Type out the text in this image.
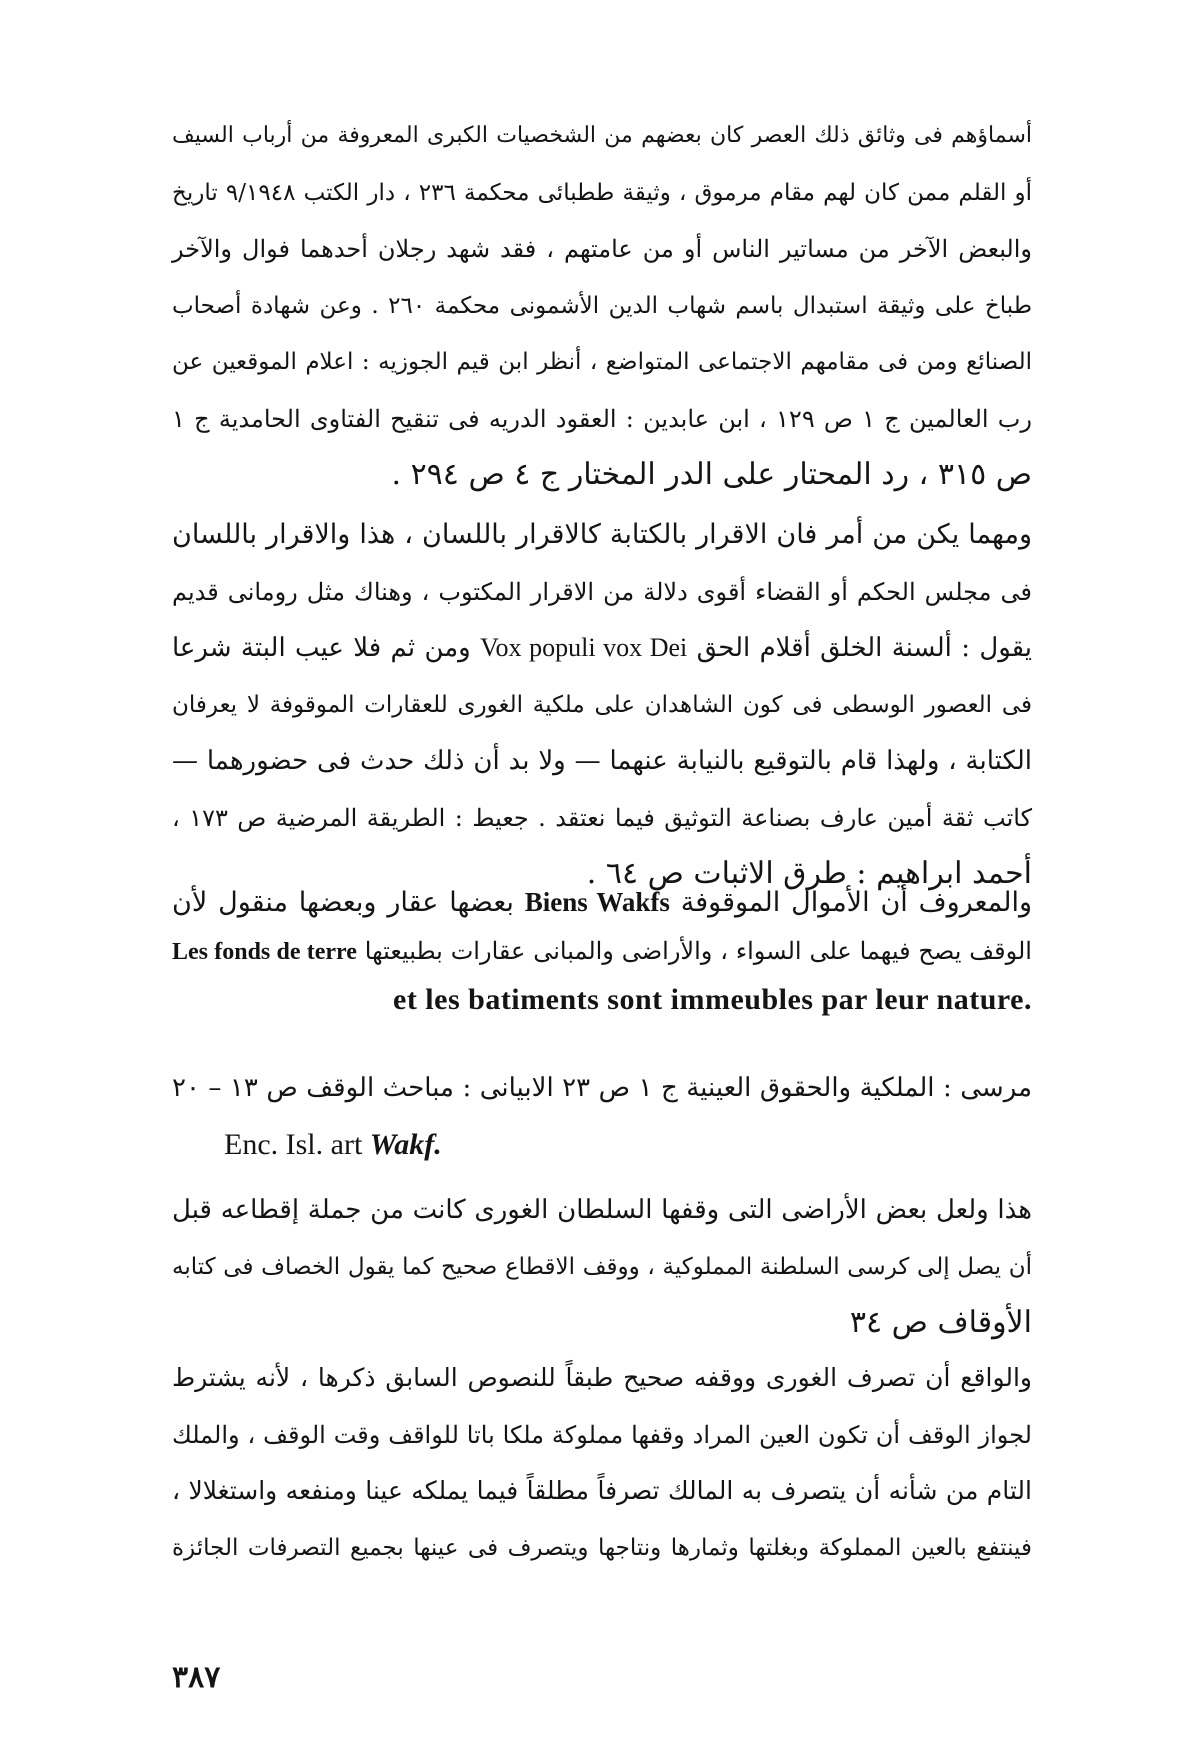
أسماؤهم فى وثائق ذلك العصر كان بعضهم من الشخصيات الكبرى المعروفة من أرباب السيف
أو القلم ممن كان لهم مقام مرموق ، وثيقة ططبائى محكمة ٢٣٦ ، دار الكتب ٩/١٩٤٨ تاريخ
والبعض الآخر من مساتير الناس أو من عامتهم ، فقد شهد رجلان أحدهما فوال والآخر
طباخ على وثيقة استبدال باسم شهاب الدين الأشمونى محكمة ٢٦٠ . وعن شهادة أصحاب
الصنائع ومن فى مقامهم الاجتماعى المتواضع ، أنظر ابن قيم الجوزيه : اعلام الموقعين عن
رب العالمين ج ١ ص ١٢٩ ، ابن عابدين : العقود الدريه فى تنقيح الفتاوى الحامدية ج ١
ص ٣١٥ ، رد المحتار على الدر المختار ج ٤ ص ٢٩٤ .
ومهما يكن من أمر فان الاقرار بالكتابة كالاقرار باللسان ، هذا والاقرار باللسان
فى مجلس الحكم أو القضاء أقوى دلالة من الاقرار المكتوب ، وهناك مثل رومانى قديم
يقول : ألسنة الخلق أقلام الحق Vox populi vox Dei ومن ثم فلا عيب البتة شرعا
فى العصور الوسطى فى كون الشاهدان على ملكية الغورى للعقارات الموقوفة لا يعرفان
الكتابة ، ولهذا قام بالتوقيع بالنيابة عنهما — ولا بد أن ذلك حدث فى حضورهما —
كاتب ثقة أمين عارف بصناعة التوثيق فيما نعتقد . جعيط : الطريقة المرضية ص ١٧٣ ،
أحمد ابراهيم : طرق الاثبات ص ٦٤ .
والمعروف أن الأموال الموقوفة Biens Wakfs بعضها عقار وبعضها منقول لأن
الوقف يصح فيهما على السواء ، والأراضى والمبانى عقارات بطبيعتها Les fonds de terre
et les batiments sont immeubles par leur nature.
مرسى : الملكية والحقوق العينية ج ١ ص ٢٣ الابيانى : مباحث الوقف ص ١٣ – ٢٠
Enc. Isl. art Wakf.
هذا ولعل بعض الأراضى التى وقفها السلطان الغورى كانت من جملة إقطاعه قبل
أن يصل إلى كرسى السلطنة المملوكية ، ووقف الاقطاع صحيح كما يقول الخصاف فى كتابه
الأوقاف ص ٣٤
والواقع أن تصرف الغورى ووقفه صحيح طبقاً للنصوص السابق ذكرها ، لأنه يشترط
لجواز الوقف أن تكون العين المراد وقفها مملوكة ملكا باتا للواقف وقت الوقف ، والملك
التام من شأنه أن يتصرف به المالك تصرفاً مطلقاً فيما يملكه عينا ومنفعه واستغلالا ،
فينتفع بالعين المملوكة وبغلتها وثمارها ونتاجها ويتصرف فى عينها بجميع التصرفات الجائزة
٣٨٧
